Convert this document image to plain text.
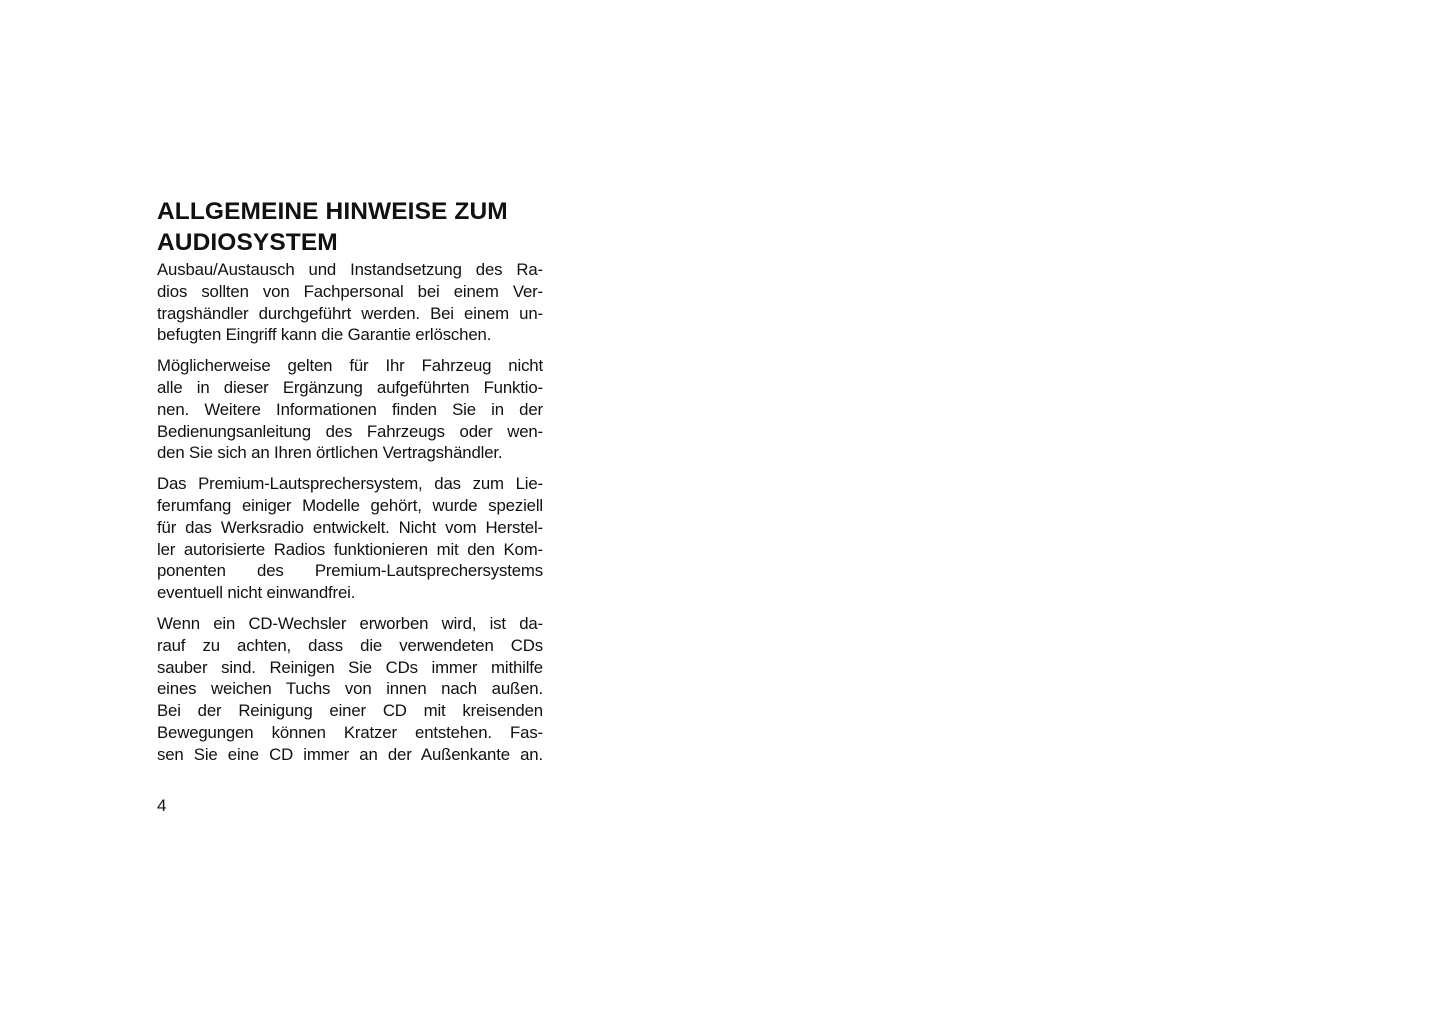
ALLGEMEINE HINWEISE ZUM
AUDIOSYSTEM

Ausbau/Austausch und Instandsetzung des Ra-
dios sollten von Fachpersonal bei einem Ver-
tragshändler durchgeführt werden. Bei einem un-
befugten Eingriff kann die Garantie erlöschen.

Möglicherweise gelten für Ihr Fahrzeug nicht
alle in dieser Ergänzung aufgeführten Funktio-
nen. Weitere Informationen finden Sie in der
Bedienungsanleitung des Fahrzeugs oder wen-
den Sie sich an Ihren örtlichen Vertragshändler.

Das Premium-Lautsprechersystem, das zum Lie-
ferumfang einiger Modelle gehört, wurde speziell
für das Werksradio entwickelt. Nicht vom Herstel-
ler autorisierte Radios funktionieren mit den Kom-
ponenten des Premium-Lautsprechersystems
eventuell nicht einwandfrei.

Wenn ein CD-Wechsler erworben wird, ist da-
rauf zu achten, dass die verwendeten CDs
sauber sind. Reinigen Sie CDs immer mithilfe
eines weichen Tuchs von innen nach außen.
Bei der Reinigung einer CD mit kreisenden
Bewegungen können Kratzer entstehen. Fas-
sen Sie eine CD immer an der Außenkante an.

4
